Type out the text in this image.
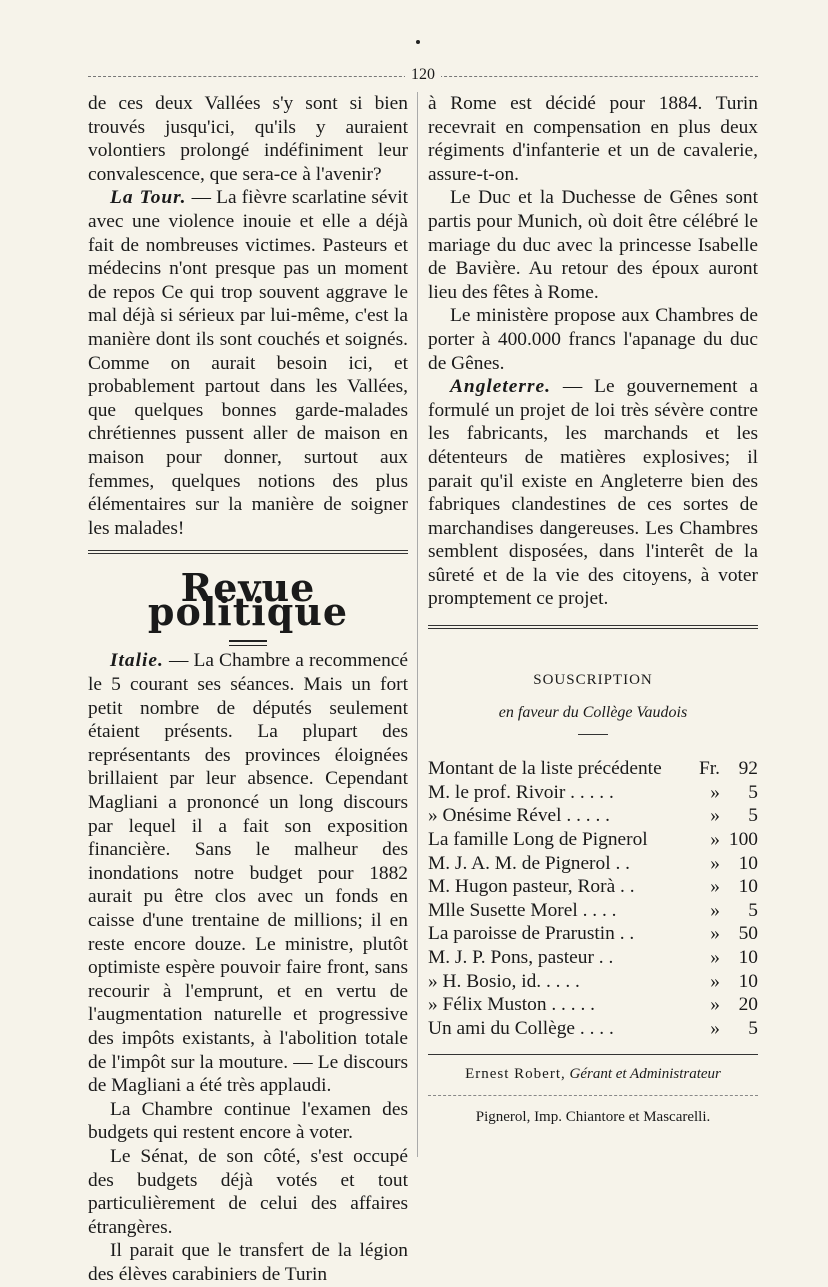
120

de ces deux Vallées s'y sont si bien trouvés jusqu'ici, qu'ils y auraient volontiers prolongé indéfiniment leur convalescence, que sera-ce à l'avenir?

La Tour. — La fièvre scarlatine sévit avec une violence inouie et elle a déjà fait de nombreuses victimes. Pasteurs et médecins n'ont presque pas un moment de repos Ce qui trop souvent aggrave le mal déjà si sérieux par lui-même, c'est la manière dont ils sont couchés et soignés. Comme on aurait besoin ici, et probablement partout dans les Vallées, que quelques bonnes garde-malades chrétiennes pussent aller de maison en maison pour donner, surtout aux femmes, quelques notions des plus élémentaires sur la manière de soigner les malades!

Revue politique

Italie. — La Chambre a recommencé le 5 courant ses séances. Mais un fort petit nombre de députés seulement étaient présents. La plupart des représentants des provinces éloignées brillaient par leur absence. Cependant Magliani a prononcé un long discours par lequel il a fait son exposition financière. Sans le malheur des inondations notre budget pour 1882 aurait pu être clos avec un fonds en caisse d'une trentaine de millions; il en reste encore douze. Le ministre, plutôt optimiste espère pouvoir faire front, sans recourir à l'emprunt, et en vertu de l'augmentation naturelle et progressive des impôts existants, à l'abolition totale de l'impôt sur la mouture. — Le discours de Magliani a été très applaudi.

La Chambre continue l'examen des budgets qui restent encore à voter.

Le Sénat, de son côté, s'est occupé des budgets déjà votés et tout particulièrement de celui des affaires étrangères.

Il parait que le transfert de la légion des élèves carabiniers de Turin

à Rome est décidé pour 1884. Turin recevrait en compensation en plus deux régiments d'infanterie et un de cavalerie, assure-t-on.

Le Duc et la Duchesse de Gênes sont partis pour Munich, où doit être célébré le mariage du duc avec la princesse Isabelle de Bavière. Au retour des époux auront lieu des fêtes à Rome.

Le ministère propose aux Chambres de porter à 400.000 francs l'apanage du duc de Gênes.

Angleterre. — Le gouvernement a formulé un projet de loi très sévère contre les fabricants, les marchands et les détenteurs de matières explosives; il parait qu'il existe en Angleterre bien des fabriques clandestines de ces sortes de marchandises dangereuses. Les Chambres semblent disposées, dans l'interêt de la sûreté et de la vie des citoyens, à voter promptement ce projet.

SOUSCRIPTION
en faveur du Collège Vaudois
Montant de la liste précédente	Fr. 92
M. le prof. Rivoir . . . . .	»	5
» Onésime Rével . . . . .	»	5
La famille Long de Pignerol	» 100
M. J. A. M. de Pignerol . .	» 10
M. Hugon pasteur, Rorà . .	» 10
Mlle Susette Morel . . . .	»	5
La paroisse de Prarustin . .	» 50
M. J. P. Pons, pasteur . .	» 10
» H. Bosio, id. . . . .	» 10
» Félix Muston . . . . .	» 20
Un ami du Collège . . . .	»	5
Ernest Robert, Gérant et Administrateur
Pignerol, Imp. Chiantore et Mascarelli.
